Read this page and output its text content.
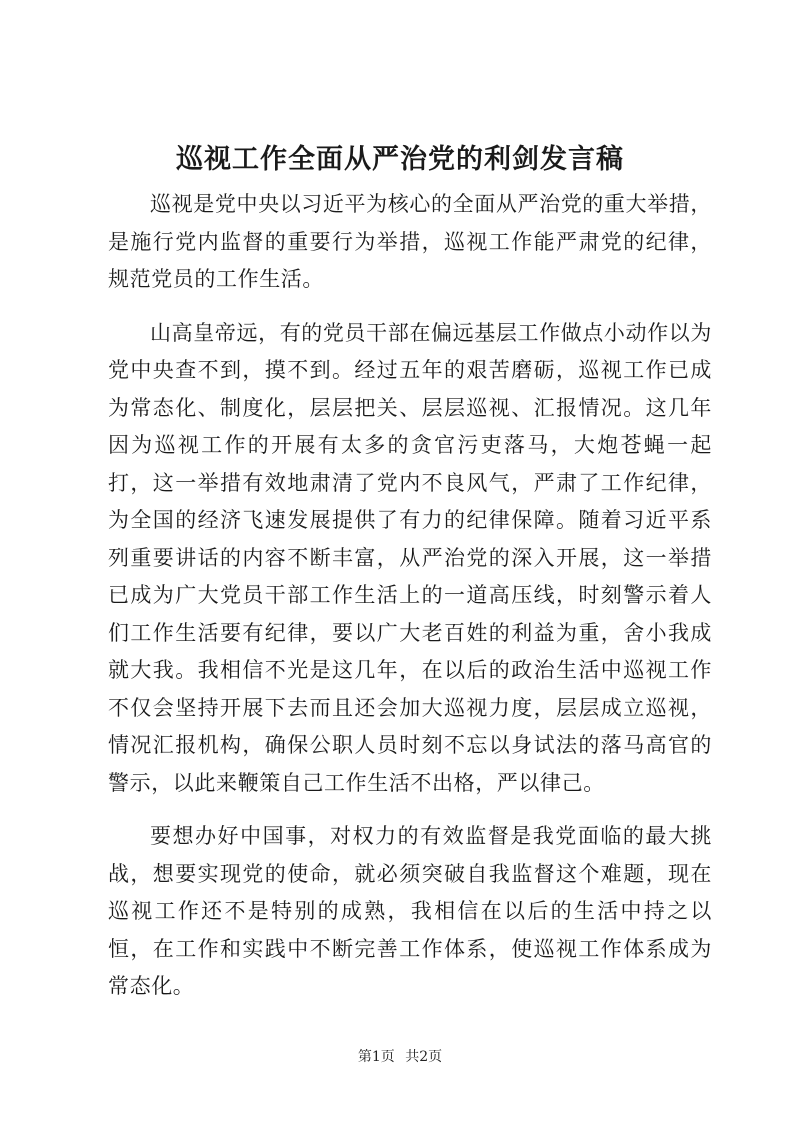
巡视工作全面从严治党的利剑发言稿

巡视是党中央以习近平为核心的全面从严治党的重大举措，是施行党内监督的重要行为举措，巡视工作能严肃党的纪律，规范党员的工作生活。

山高皇帝远，有的党员干部在偏远基层工作做点小动作以为党中央查不到，摸不到。经过五年的艰苦磨砺，巡视工作已成为常态化、制度化，层层把关、层层巡视、汇报情况。这几年因为巡视工作的开展有太多的贪官污吏落马，大炮苍蝇一起打，这一举措有效地肃清了党内不良风气，严肃了工作纪律，为全国的经济飞速发展提供了有力的纪律保障。随着习近平系列重要讲话的内容不断丰富，从严治党的深入开展，这一举措已成为广大党员干部工作生活上的一道高压线，时刻警示着人们工作生活要有纪律，要以广大老百姓的利益为重，舍小我成就大我。我相信不光是这几年，在以后的政治生活中巡视工作不仅会坚持开展下去而且还会加大巡视力度，层层成立巡视，情况汇报机构，确保公职人员时刻不忘以身试法的落马高官的警示，以此来鞭策自己工作生活不出格，严以律己。

要想办好中国事，对权力的有效监督是我党面临的最大挑战，想要实现党的使命，就必须突破自我监督这个难题，现在巡视工作还不是特别的成熟，我相信在以后的生活中持之以恒，在工作和实践中不断完善工作体系，使巡视工作体系成为常态化。

第1页 共2页
